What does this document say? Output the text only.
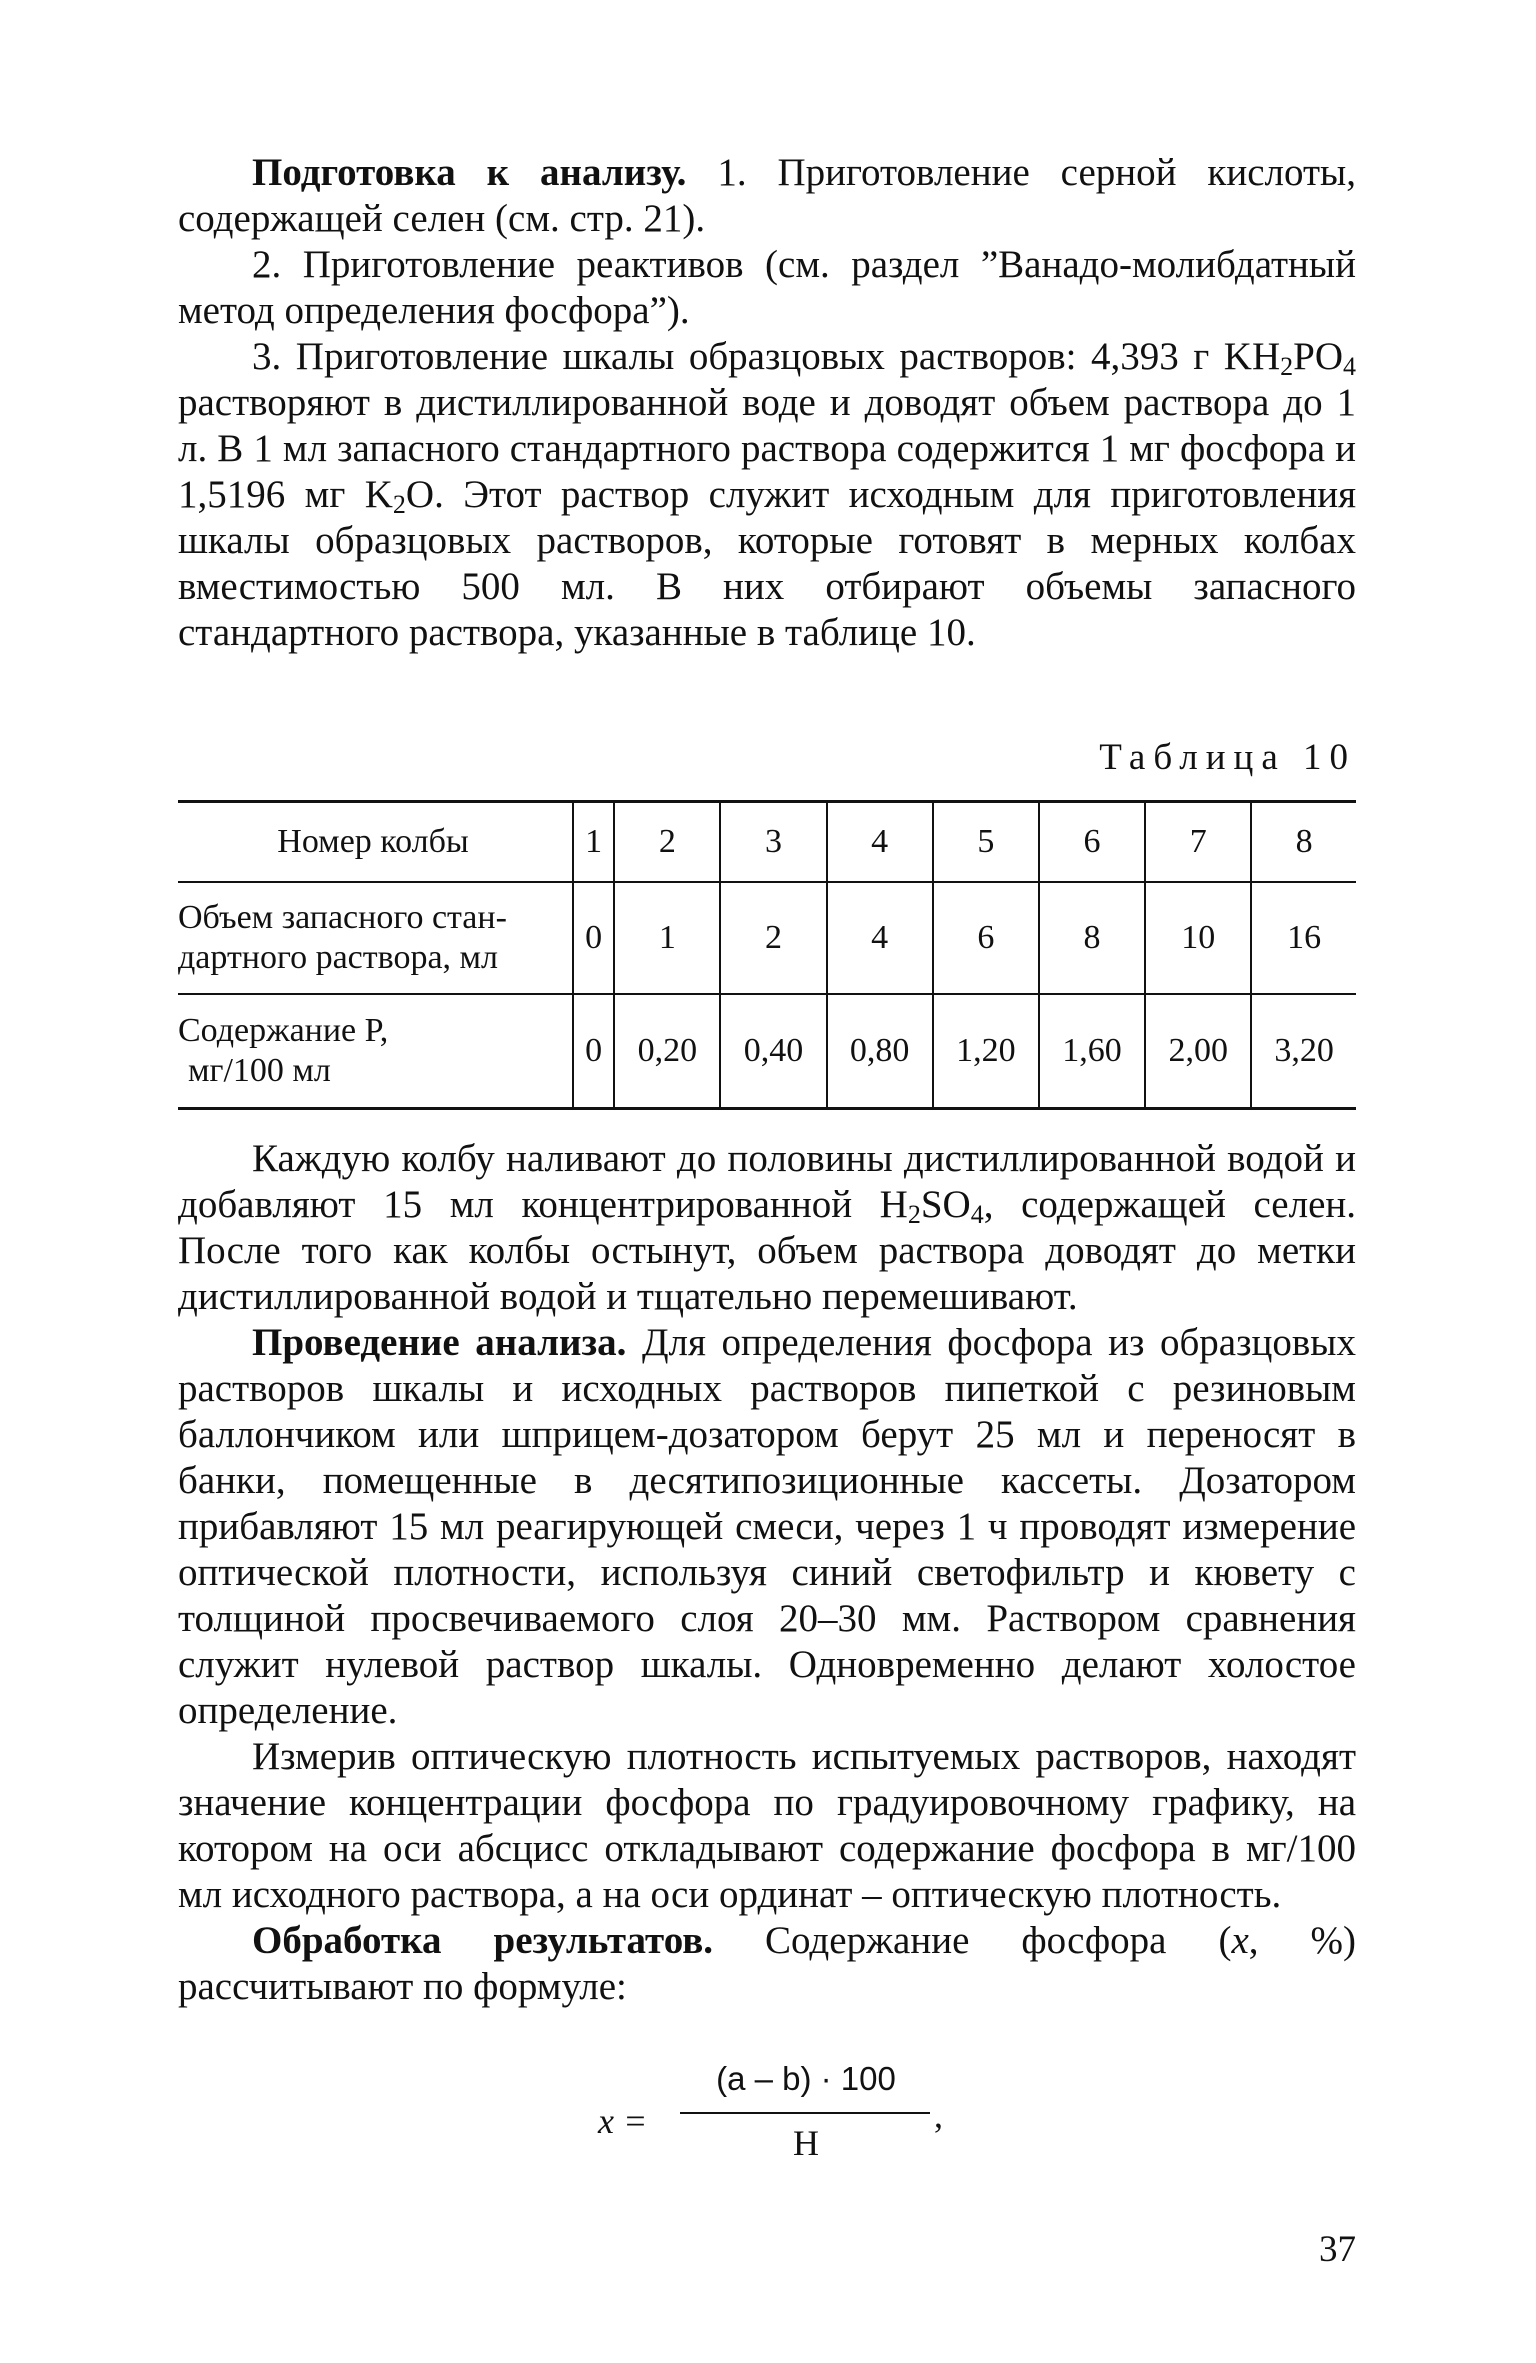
Подготовка к анализу. 1. Приготовление серной кислоты, содержащей селен (см. стр. 21).

2. Приготовление реактивов (см. раздел ”Ванадо-молибдатный метод определения фосфора”).

3. Приготовление шкалы образцовых растворов: 4,393 г $KH_2PO_4$ растворяют в дистиллированной воде и доводят объем раствора до 1 л. В 1 мл запасного стандартного раствора содержится 1 мг фосфора и 1,5196 мг $K_2O$. Этот раствор служит исходным для приготовления шкалы образцовых растворов, которые готовят в мерных колбах вместимостью 500 мл. В них отбирают объемы запасного стандартного раствора, указанные в таблице 10.

Таблица 10
Номер колбы	1	2	3	4	5	6	7	8

Объем запасного стан-
дартного раствора, мл	0	1	2	4	6	8	10	16

Содержание P,
мг/100 мл	0	0,20	0,40	0,80	1,20	1,60	2,00	3,20

Каждую колбу наливают до половины дистиллированной водой и добавляют 15 мл концентрированной $H_2SO_4$, содержащей селен. После того как колбы остынут, объем раствора доводят до метки дистиллированной водой и тщательно перемешивают.

Проведение анализа. Для определения фосфора из образцовых растворов шкалы и исходных растворов пипеткой с резиновым баллончиком или шприцем-дозатором берут 25 мл и переносят в банки, помещенные в десятипозиционные кассеты. Дозатором прибавляют 15 мл реагирующей смеси, через 1 ч проводят измерение оптической плотности, используя синий светофильтр и кювету с толщиной просвечиваемого слоя 20–30 мм. Раствором сравнения служит нулевой раствор шкалы. Одновременно делают холостое определение.

Измерив оптическую плотность испытуемых растворов, находят значение концентрации фосфора по градуировочному графику, на котором на оси абсцисс откладывают содержание фосфора в мг/100 мл исходного раствора, а на оси ординат – оптическую плотность.

Обработка результатов. Содержание фосфора (x, %) рассчитывают по формуле:

x =
(a – b) · 100
H
,
37
